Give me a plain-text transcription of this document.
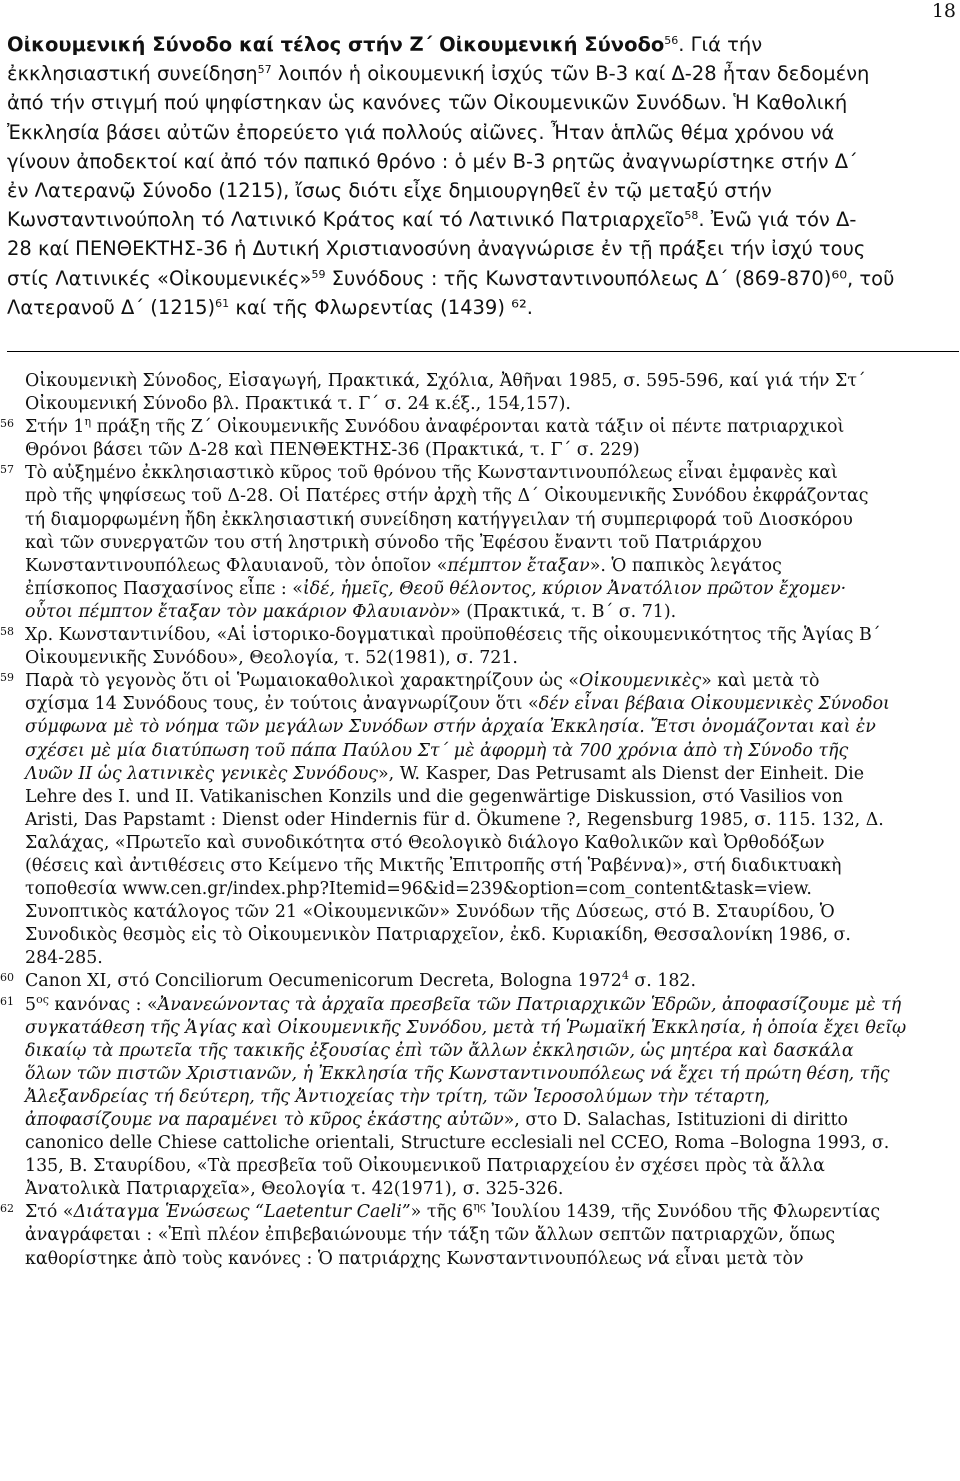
18
Οἰκουμενική Σύνοδο καί τέλος στήν Ζ΄ Οἰκουμενική Σύνοδο$^{56}$. Γιά τήν
ἐκκλησιαστική συνείδηση$^{57}$ λοιπόν ἡ οἰκουμενική ἰσχύς τῶν Β-3 καί Δ-28 ἦταν δεδομένη
ἀπό τήν στιγμή πού ψηφίστηκαν ὡς κανόνες τῶν Οἰκουμενικῶν Συνόδων. Ἡ Καθολική
Ἐκκλησία βάσει αὐτῶν ἐπορεύετο γιά πολλούς αἰῶνες. Ἦταν ἁπλῶς θέμα χρόνου νά
γίνουν ἀποδεκτοί καί ἀπό τόν παπικό θρόνο : ὁ μέν Β-3 ρητῶς ἀναγνωρίστηκε στήν Δ΄
ἐν Λατερανῷ Σύνοδο (1215), ἴσως διότι εἶχε δημιουργηθεῖ ἐν τῷ μεταξύ στήν
Κωνσταντινούπολη τό Λατινικό Κράτος καί τό Λατινικό Πατριαρχεῖο$^{58}$. Ἐνῶ γιά τόν Δ-
28 καί ΠΕΝΘΕΚΤΗΣ-36 ἡ Δυτική Χριστιανοσύνη ἀναγνώρισε ἐν τῇ πράξει τήν ἰσχύ τους
στίς Λατινικές «Οἰκουμενικές»$^{59}$ Συνόδους : τῆς Κωνσταντινουπόλεως Δ΄ (869-870)⁶⁰, τοῦ
Λατερανοῦ Δ΄ $(1215)^{61}$ καί τῆς Φλωρεντίας (1439) ⁶².
Οἰκουμενικὴ Σύνοδος, Εἰσαγωγή, Πρακτικά, Σχόλια, Ἀθῆναι 1985, σ. 595-596, καί γιά τήν Στ΄
Οἰκουμενική Σύνοδο βλ. Πρακτικά τ. Γ΄ σ. 24 κ.έξ., 154,157).
56 Στήν $1^\eta$ πράξη τῆς Ζ΄ Οἰκουμενικῆς Συνόδου ἀναφέρονται κατὰ τάξιν οἱ πέντε πατριαρχικοὶ
Θρόνοι βάσει τῶν Δ-28 καὶ ΠΕΝΘΕΚΤΗΣ-36 (Πρακτικά, τ. Γ΄ σ. 229)
57 Τὸ αὐξημένο ἐκκλησιαστικὸ κῦρος τοῦ θρόνου τῆς Κωνσταντινουπόλεως εἶναι ἐμφανὲς καὶ
πρὸ τῆς ψηφίσεως τοῦ Δ-28. Οἱ Πατέρες στήν ἀρχὴ τῆς Δ΄ Οἰκουμενικῆς Συνόδου ἐκφράζοντας
τή διαμορφωμένη ἤδη ἐκκλησιαστική συνείδηση κατήγγειλαν τή συμπεριφορά τοῦ Διοσκόρου
καὶ τῶν συνεργατῶν του στή ληστρικὴ σύνοδο τῆς Ἐφέσου ἔναντι τοῦ Πατριάρχου
Κωνσταντινουπόλεως Φλαυιανοῦ, τὸν ὁποῖον «πέμπτον ἔταξαν». Ὁ παπικὸς λεγάτος
ἐπίσκοπος Πασχασίνος εἶπε : «ἰδέ, ἡμεῖς, Θεοῦ θέλοντος, κύριον Ἀνατόλιον πρῶτον ἔχομεν·
οὗτοι πέμπτον ἔταξαν τὸν μακάριον Φλαυιανὸν» (Πρακτικά, τ. Β΄ σ. 71).
58 Χρ. Κωνσταντινίδου, «Αἱ ἱστορικο-δογματικαὶ προϋποθέσεις τῆς οἰκουμενικότητος τῆς Ἁγίας Β΄
Οἰκουμενικῆς Συνόδου», Θεολογία, τ. 52(1981), σ. 721.
59 Παρὰ τὸ γεγονὸς ὅτι οἱ Ῥωμαιοκαθολικοὶ χαρακτηρίζουν ὡς «Οἰκουμενικὲς» καὶ μετὰ τὸ
σχίσμα 14 Συνόδους τους, ἐν τούτοις ἀναγνωρίζουν ὅτι «δέν εἶναι βέβαια Οἰκουμενικὲς Σύνοδοι
σύμφωνα μὲ τὸ νόημα τῶν μεγάλων Συνόδων στήν ἀρχαία Ἐκκλησία. Ἔτσι ὀνομάζονται καὶ ἐν
σχέσει μὲ μία διατύπωση τοῦ πάπα Παύλου Στ΄ μὲ ἀφορμὴ τὰ 700 χρόνια ἀπὸ τὴ Σύνοδο τῆς
Λυῶν ΙΙ ὡς λατινικὲς γενικὲς Συνόδους», W. Kasper, Das Petrusamt als Dienst der Einheit. Die
Lehre des I. und II. Vatikanischen Konzils und die gegenwärtige Diskussion, στό Vasilios von
Aristi, Das Papstamt : Dienst oder Hindernis für d. Ökumene ?, Regensburg 1985, σ. 115. 132, Δ.
Σαλάχας, «Πρωτεῖο καὶ συνοδικότητα στό Θεολογικὸ διάλογο Καθολικῶν καὶ Ὀρθοδόξων
(θέσεις καὶ ἀντιθέσεις στο Κείμενο τῆς Μικτῆς Ἐπιτροπῆς στή Ῥαβέννα)», στή διαδικτυακὴ
τοποθεσία www.cen.gr/index.php?Itemid=96&id=239&option=com_content&task=view.
Συνοπτικὸς κατάλογος τῶν 21 «Οἰκουμενικῶν» Συνόδων τῆς Δύσεως, στό Β. Σταυρίδου, Ὁ
Συνοδικὸς θεσμὸς εἰς τὸ Οἰκουμενικὸν Πατριαρχεῖον, ἐκδ. Κυριακίδη, Θεσσαλονίκη 1986, σ.
284-285.
60 Canon XI, στό Conciliorum Oecumenicorum Decreta, Bologna 1972$^4$ σ. 182.
61 $5^{o\varsigma}$ κανόνας : «Ἀνανεώνοντας τὰ ἀρχαῖα πρεσβεῖα τῶν Πατριαρχικῶν Ἑδρῶν, ἀποφασίζουμε μὲ τή
συγκατάθεση τῆς Ἁγίας καὶ Οἰκουμενικῆς Συνόδου, μετὰ τή Ῥωμαϊκή Ἐκκλησία, ἡ ὁποία ἔχει θεῖῳ
δικαίῳ τὰ πρωτεῖα τῆς τακικῆς ἐξουσίας ἐπὶ τῶν ἄλλων ἐκκλησιῶν, ὡς μητέρα καὶ δασκάλα
ὅλων τῶν πιστῶν Χριστιανῶν, ἡ Ἐκκλησία τῆς Κωνσταντινουπόλεως νά ἔχει τή πρώτη θέση, τῆς
Ἀλεξανδρείας τή δεύτερη, τῆς Ἀντιοχείας τὴν τρίτη, τῶν Ἱεροσολύμων τὴν τέταρτη,
ἀποφασίζουμε να παραμένει τὸ κῦρος ἑκάστης αὐτῶν», στο D. Salachas, Istituzioni di diritto
canonico delle Chiese cattoliche orientali, Structure ecclesiali nel CCEO, Roma –Bologna 1993, σ.
135, Β. Σταυρίδου, «Τὰ πρεσβεῖα τοῦ Οἰκουμενικοῦ Πατριαρχείου ἐν σχέσει πρὸς τὰ ἄλλα
Ἀνατολικὰ Πατριαρχεῖα», Θεολογία τ. 42(1971), σ. 325-326.
62 Στό «Διάταγμα Ἑνώσεως “Laetentur Caeli”» τῆς $6^{\eta\varsigma}$ Ἰουλίου 1439, τῆς Συνόδου τῆς Φλωρεντίας
ἀναγράφεται : «Ἐπὶ πλέον ἐπιβεβαιώνουμε τήν τάξη τῶν ἄλλων σεπτῶν πατριαρχῶν, ὅπως
καθορίστηκε ἀπὸ τοὺς κανόνες : Ὁ πατριάρχης Κωνσταντινουπόλεως νά εἶναι μετὰ τὸν
